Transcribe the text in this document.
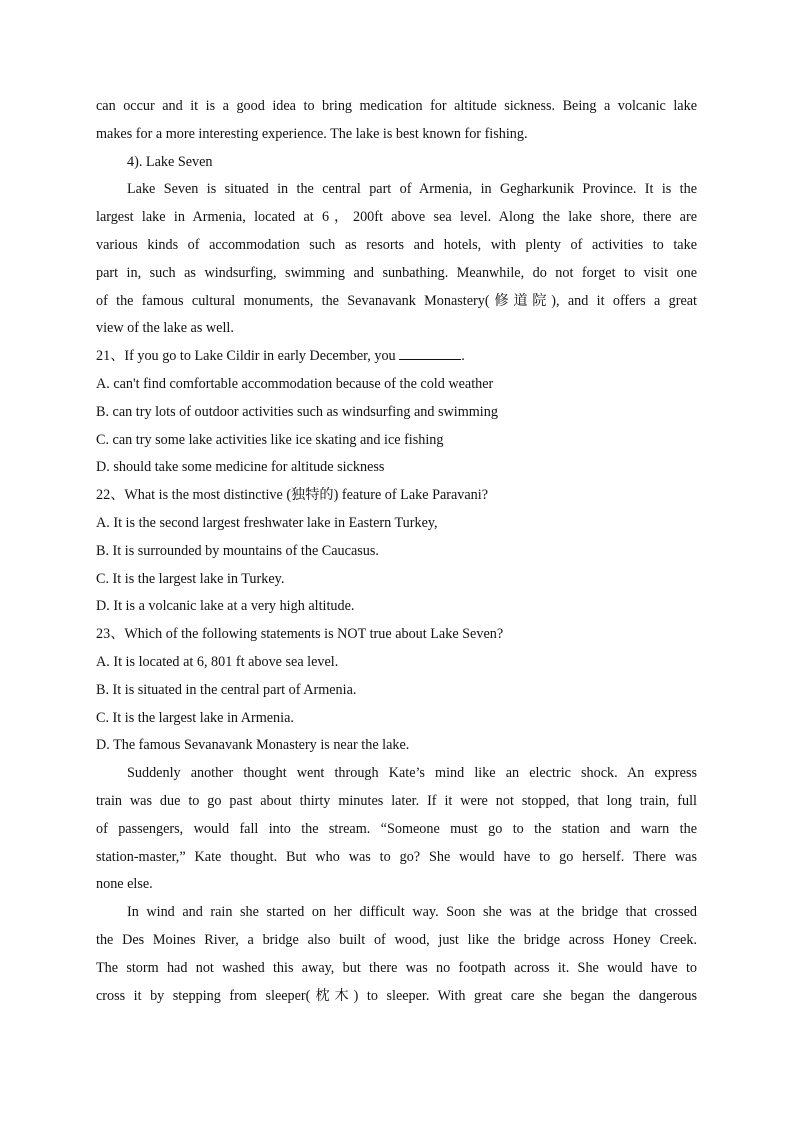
can occur and it is a good idea to bring medication for altitude sickness. Being a volcanic lake
makes for a more interesting experience. The lake is best known for fishing.
4). Lake Seven
Lake Seven is situated in the central part of Armenia, in Gegharkunik Province. It is the
largest lake in Armenia, located at 6，200ft above sea level. Along the lake shore, there are
various kinds of accommodation such as resorts and hotels, with plenty of activities to take
part in, such as windsurfing, swimming and sunbathing. Meanwhile, do not forget to visit one
of the famous cultural monuments, the Sevanavank Monastery(修道院), and it offers a great
view of the lake as well.
21、If you go to Lake Cildir in early December, you	.
A. can't find comfortable accommodation because of the cold weather
B. can try lots of outdoor activities such as windsurfing and swimming
C. can try some lake activities like ice skating and ice fishing
D. should take some medicine for altitude sickness
22、What is the most distinctive (独特的) feature of Lake Paravani?
A. It is the second largest freshwater lake in Eastern Turkey,
B. It is surrounded by mountains of the Caucasus.
C. It is the largest lake in Turkey.
D. It is a volcanic lake at a very high altitude.
23、Which of the following statements is NOT true about Lake Seven?
A. It is located at 6, 801 ft above sea level.
B. It is situated in the central part of Armenia.
C. It is the largest lake in Armenia.
D. The famous Sevanavank Monastery is near the lake.
Suddenly another thought went through Kate’s mind like an electric shock. An express
train was due to go past about thirty minutes later. If it were not stopped, that long train, full
of passengers, would fall into the stream. “Someone must go to the station and warn the
station-master,” Kate thought. But who was to go? She would have to go herself. There was
none else.
In wind and rain she started on her difficult way. Soon she was at the bridge that crossed
the Des Moines River, a bridge also built of wood, just like the bridge across Honey Creek.
The storm had not washed this away, but there was no footpath across it. She would have to
cross it by stepping from sleeper(枕木) to sleeper. With great care she began the dangerous
